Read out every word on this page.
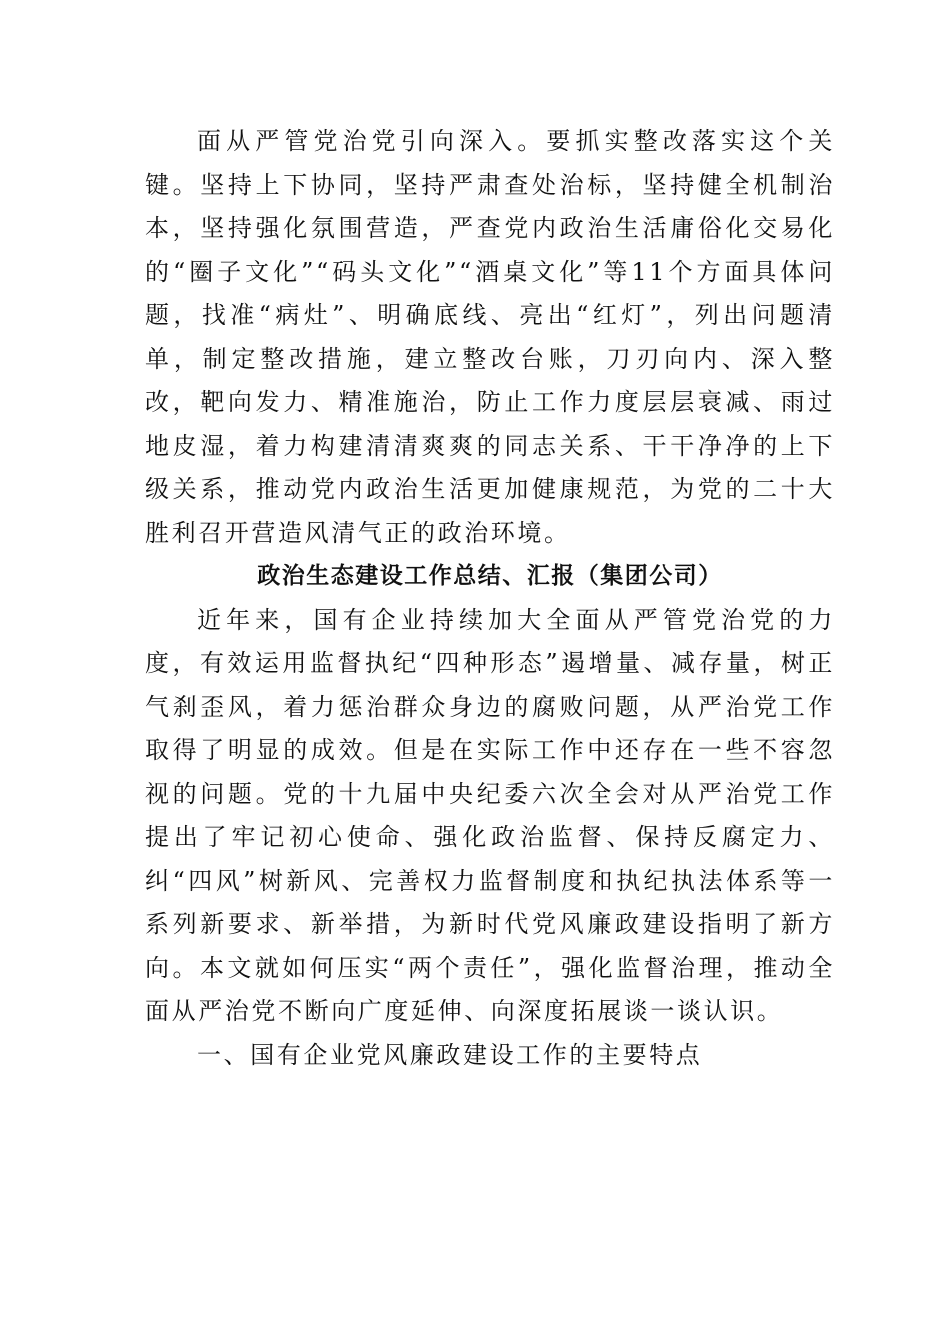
面从严管党治党引向深入。要抓实整改落实这个关键。坚持上下协同，坚持严肃查处治标，坚持健全机制治本，坚持强化氛围营造，严查党内政治生活庸俗化交易化的“圈子文化”“码头文化”“酒桌文化”等11个方面具体问题，找准“病灶”、明确底线、亮出“红灯”，列出问题清单，制定整改措施，建立整改台账，刀刃向内、深入整改，靶向发力、精准施治，防止工作力度层层衰减、雨过地皮湿，着力构建清清爽爽的同志关系、干干净净的上下级关系，推动党内政治生活更加健康规范，为党的二十大胜利召开营造风清气正的政治环境。

政治生态建设工作总结、汇报（集团公司）

近年来，国有企业持续加大全面从严管党治党的力度，有效运用监督执纪“四种形态”遏增量、减存量，树正气刹歪风，着力惩治群众身边的腐败问题，从严治党工作取得了明显的成效。但是在实际工作中还存在一些不容忽视的问题。党的十九届中央纪委六次全会对从严治党工作提出了牢记初心使命、强化政治监督、保持反腐定力、纠“四风”树新风、完善权力监督制度和执纪执法体系等一系列新要求、新举措，为新时代党风廉政建设指明了新方向。本文就如何压实“两个责任”，强化监督治理，推动全面从严治党不断向广度延伸、向深度拓展谈一谈认识。

一、国有企业党风廉政建设工作的主要特点
